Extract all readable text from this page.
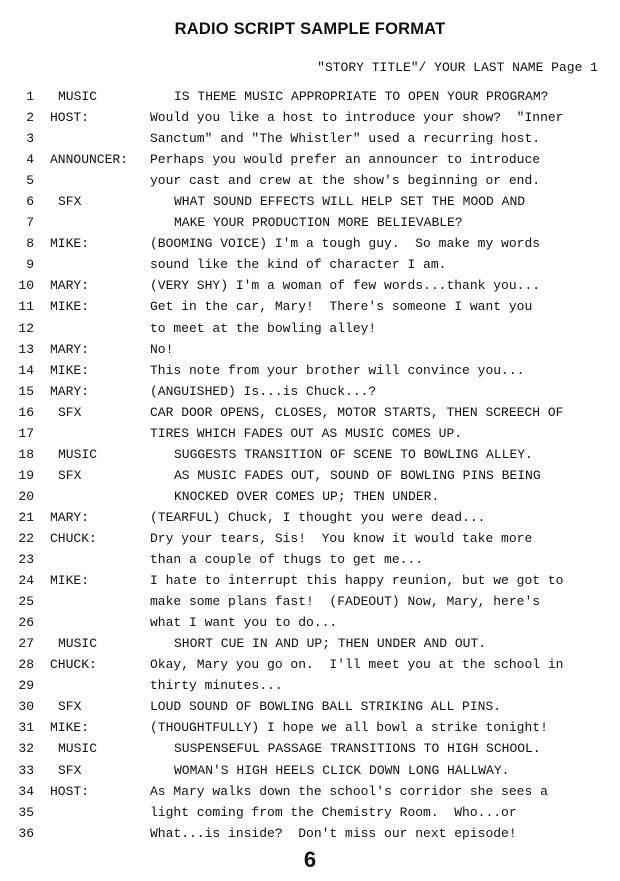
RADIO SCRIPT SAMPLE FORMAT
"STORY TITLE"/ YOUR LAST NAME Page 1
1 MUSIC	IS THEME MUSIC APPROPRIATE TO OPEN YOUR PROGRAM?
2 HOST:	Would you like a host to introduce your show?  "Inner
3	Sanctum" and "The Whistler" used a recurring host.
4 ANNOUNCER: Perhaps you would prefer an announcer to introduce
5	your cast and crew at the show's beginning or end.
6 SFX	WHAT SOUND EFFECTS WILL HELP SET THE MOOD AND
7	MAKE YOUR PRODUCTION MORE BELIEVABLE?
8 MIKE:	(BOOMING VOICE) I'm a tough guy.  So make my words
9	sound like the kind of character I am.
10 MARY:	(VERY SHY) I'm a woman of few words...thank you...
11 MIKE:	Get in the car, Mary!  There's someone I want you
12	to meet at the bowling alley!
13 MARY:	No!
14 MIKE:	This note from your brother will convince you...
15 MARY:	(ANGUISHED) Is...is Chuck...?
16 SFX	CAR DOOR OPENS, CLOSES, MOTOR STARTS, THEN SCREECH OF
17	TIRES WHICH FADES OUT AS MUSIC COMES UP.
18 MUSIC	SUGGESTS TRANSITION OF SCENE TO BOWLING ALLEY.
19 SFX	AS MUSIC FADES OUT, SOUND OF BOWLING PINS BEING
20	KNOCKED OVER COMES UP; THEN UNDER.
21 MARY:	(TEARFUL) Chuck, I thought you were dead...
22 CHUCK:	Dry your tears, Sis!  You know it would take more
23	than a couple of thugs to get me...
24 MIKE:	I hate to interrupt this happy reunion, but we got to
25	make some plans fast!  (FADEOUT) Now, Mary, here's
26	what I want you to do...
27 MUSIC	SHORT CUE IN AND UP; THEN UNDER AND OUT.
28 CHUCK:	Okay, Mary you go on.  I'll meet you at the school in
29	thirty minutes...
30 SFX	LOUD SOUND OF BOWLING BALL STRIKING ALL PINS.
31 MIKE:	(THOUGHTFULLY) I hope we all bowl a strike tonight!
32 MUSIC	SUSPENSEFUL PASSAGE TRANSITIONS TO HIGH SCHOOL.
33 SFX	WOMAN'S HIGH HEELS CLICK DOWN LONG HALLWAY.
34 HOST:	As Mary walks down the school's corridor she sees a
35	light coming from the Chemistry Room.  Who...or
36	What...is inside?  Don't miss our next episode!
6
